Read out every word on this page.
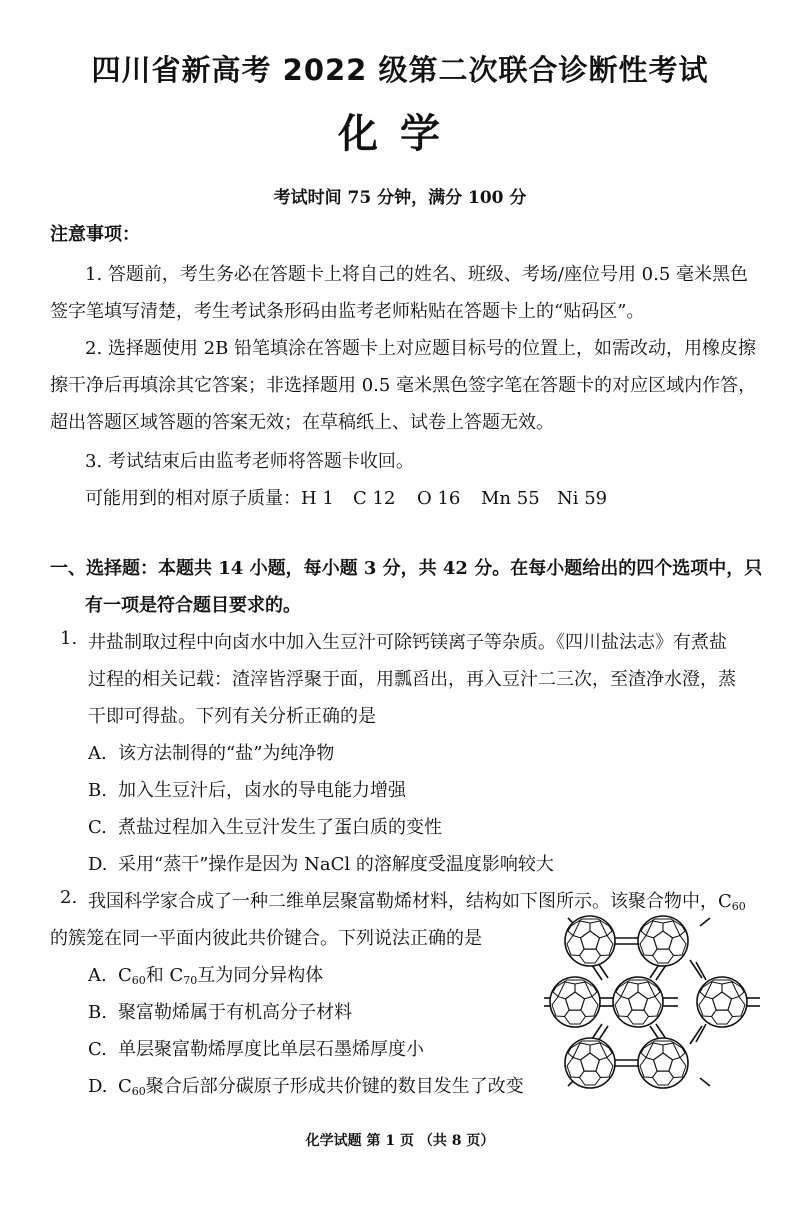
四川省新高考 2022 级第二次联合诊断性考试
化学
考试时间 75 分钟，满分 100 分
注意事项：
1. 答题前，考生务必在答题卡上将自己的姓名、班级、考场/座位号用 0.5 毫米黑色
签字笔填写清楚，考生考试条形码由监考老师粘贴在答题卡上的“贴码区”。
2. 选择题使用 2B 铅笔填涂在答题卡上对应题目标号的位置上，如需改动，用橡皮擦
擦干净后再填涂其它答案；非选择题用 0.5 毫米黑色签字笔在答题卡的对应区域内作答，
超出答题区域答题的答案无效；在草稿纸上、试卷上答题无效。
3. 考试结束后由监考老师将答题卡收回。
可能用到的相对原子质量：H 1 C 12 O 16 Mn 55 Ni 59
一、选择题：本题共 14 小题，每小题 3 分，共 42 分。在每小题给出的四个选项中，只
有一项是符合题目要求的。
1. 井盐制取过程中向卤水中加入生豆汁可除钙镁离子等杂质。《四川盐法志》有煮盐
过程的相关记载：渣滓皆浮聚于面，用瓢舀出，再入豆汁二三次，至渣净水澄，蒸
干即可得盐。下列有关分析正确的是
A. 该方法制得的“盐”为纯净物
B. 加入生豆汁后，卤水的导电能力增强
C. 煮盐过程加入生豆汁发生了蛋白质的变性
D. 采用“蒸干”操作是因为 NaCl 的溶解度受温度影响较大
2. 我国科学家合成了一种二维单层聚富勒烯材料，结构如下图所示。该聚合物中，$C_{60}$
的簇笼在同一平面内彼此共价键合。下列说法正确的是
A. $C_{60}$和 $C_{70}$互为同分异构体
B. 聚富勒烯属于有机高分子材料
C. 单层聚富勒烯厚度比单层石墨烯厚度小
D. $C_{60}$聚合后部分碳原子形成共价键的数目发生了改变
化学试题 第 1 页 （共 8 页）
